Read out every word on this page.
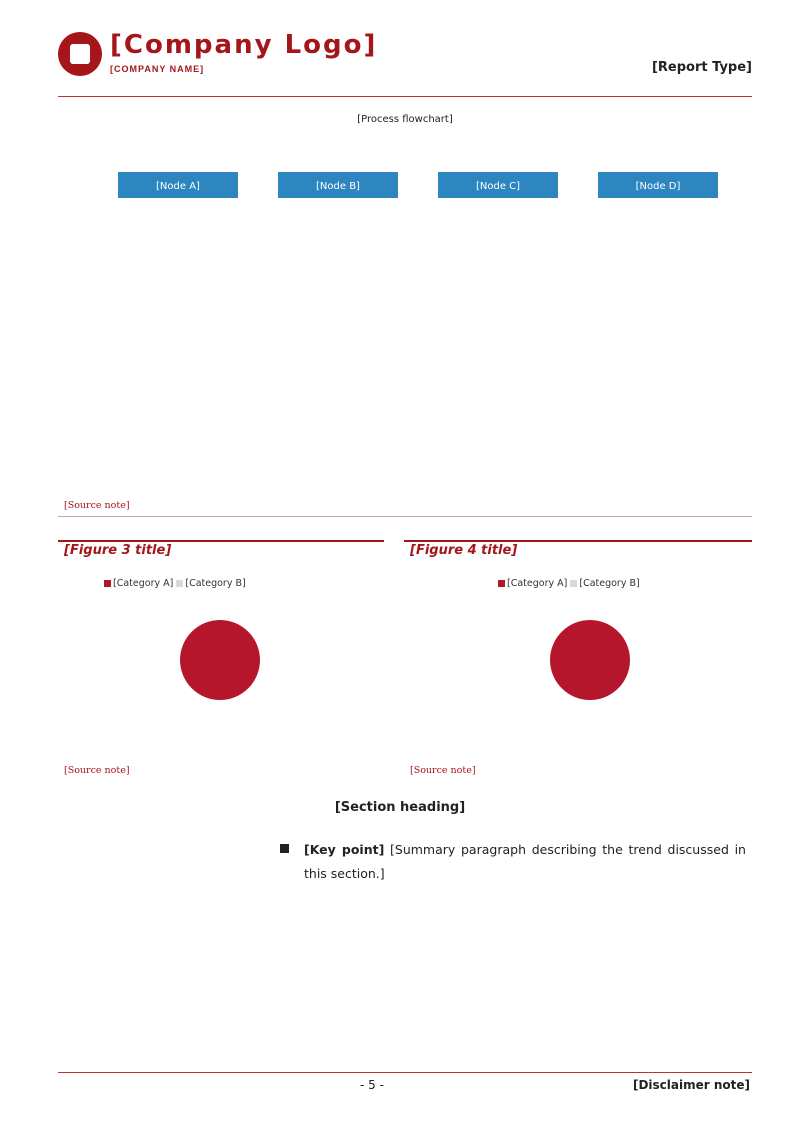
[Company Logo]
[COMPANY NAME]	[Report Type]
[Process flowchart]
[Node A]	[Node B]	[Node C]	[Node D]
[Source note]
[Figure 3 title]
[Category A] [Category B]
[Source note]
[Figure 4 title]
[Category A] [Category B]
[Source note]
[Section heading]
[Key point] [Summary paragraph describing the trend discussed in this section.]
- 5 -	[Disclaimer note]
